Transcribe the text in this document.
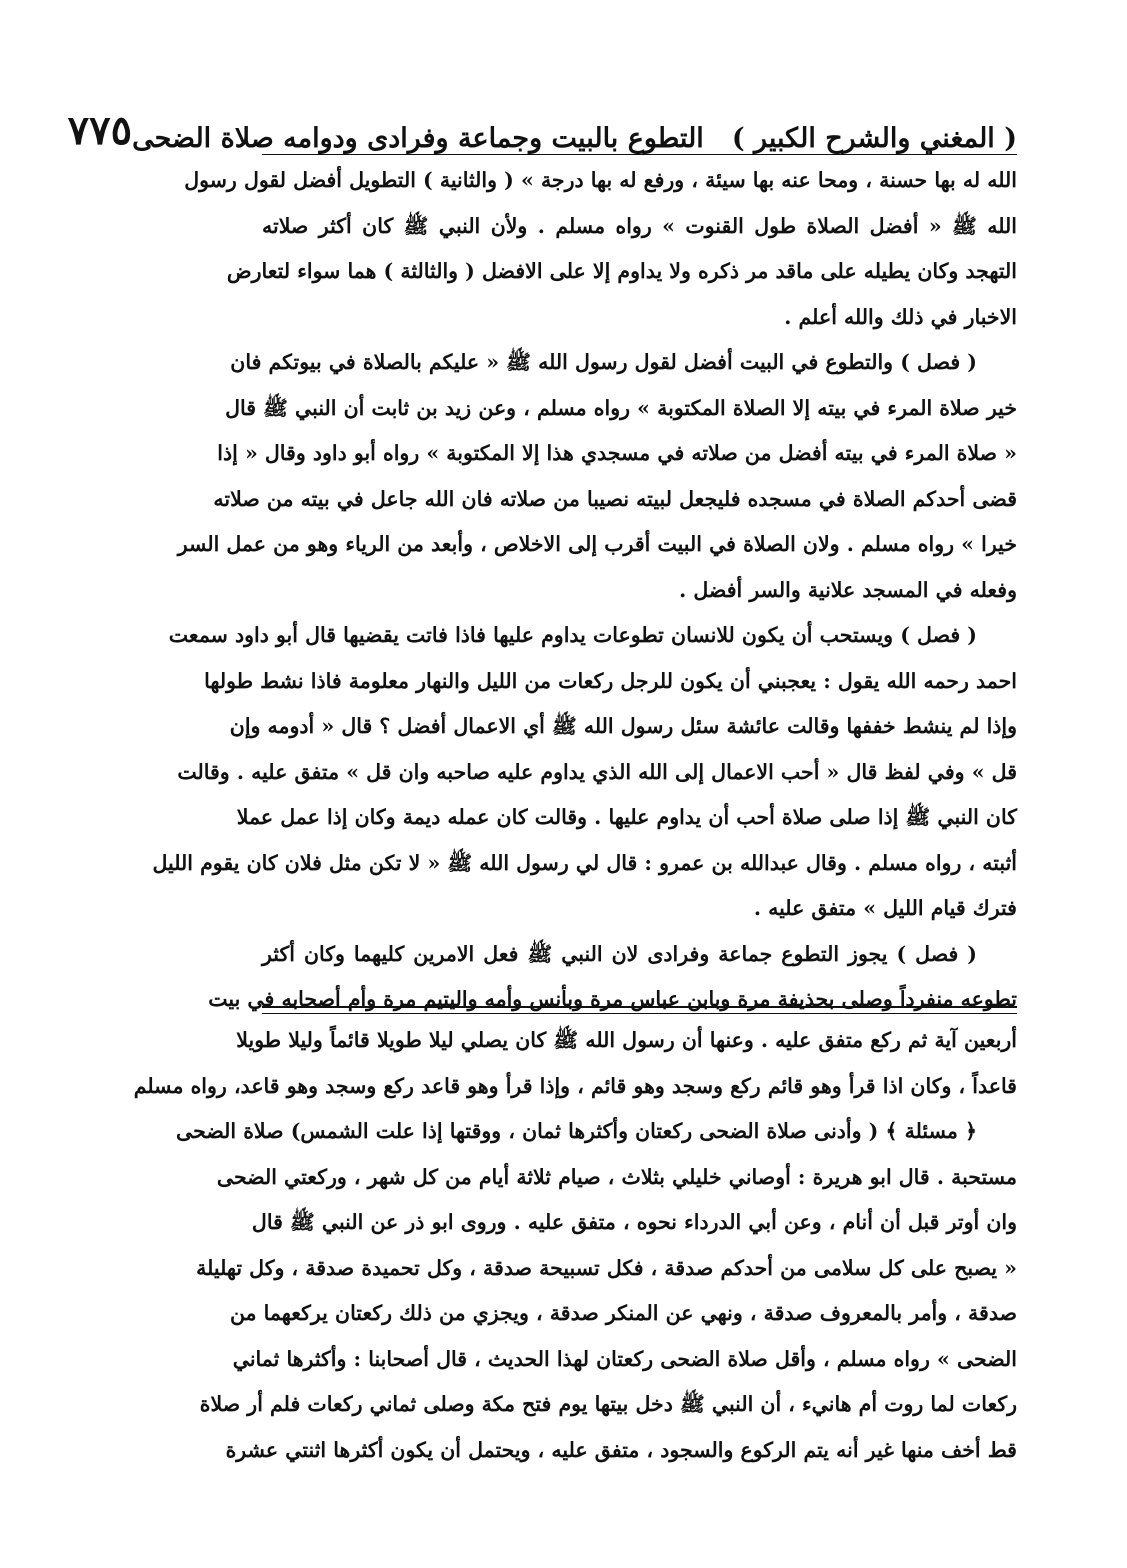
( المغني والشرح الكبير )
التطوع بالبيت وجماعة وفرادى ودوامه صلاة الضحى
٧٧٥
الله له بها حسنة ، ومحا عنه بها سيئة ، ورفع له بها درجة » ( والثانية ) التطويل أفضل لقول رسول
الله ﷺ « أفضل الصلاة طول القنوت » رواه مسلم . ولأن النبي ﷺ كان أكثر صلاته
التهجد وكان يطيله على ماقد مر ذكره ولا يداوم إلا على الافضل ( والثالثة ) هما سواء لتعارض
الاخبار في ذلك والله أعلم .
( فصل ) والتطوع في البيت أفضل لقول رسول الله ﷺ « عليكم بالصلاة في بيوتكم فان
خير صلاة المرء في بيته إلا الصلاة المكتوبة » رواه مسلم ، وعن زيد بن ثابت أن النبي ﷺ قال
« صلاة المرء في بيته أفضل من صلاته في مسجدي هذا إلا المكتوبة » رواه أبو داود وقال « إذا
قضى أحدكم الصلاة في مسجده فليجعل لبيته نصيبا من صلاته فان الله جاعل في بيته من صلاته
خيرا » رواه مسلم . ولان الصلاة في البيت أقرب إلى الاخلاص ، وأبعد من الرياء وهو من عمل السر
وفعله في المسجد علانية والسر أفضل .
( فصل ) ويستحب أن يكون للانسان تطوعات يداوم عليها فاذا فاتت يقضيها قال أبو داود سمعت
احمد رحمه الله يقول : يعجبني أن يكون للرجل ركعات من الليل والنهار معلومة فاذا نشط طولها
وإذا لم ينشط خففها وقالت عائشة سئل رسول الله ﷺ أي الاعمال أفضل ؟ قال « أدومه وإن
قل » وفي لفظ قال « أحب الاعمال إلى الله الذي يداوم عليه صاحبه وان قل » متفق عليه . وقالت
كان النبي ﷺ إذا صلى صلاة أحب أن يداوم عليها . وقالت كان عمله ديمة وكان إذا عمل عملا
أثبته ، رواه مسلم . وقال عبدالله بن عمرو : قال لي رسول الله ﷺ « لا تكن مثل فلان كان يقوم الليل
فترك قيام الليل » متفق عليه .
( فصل ) يجوز التطوع جماعة وفرادى لان النبي ﷺ فعل الامرين كليهما وكان أكثر
تطوعه منفرداً وصلى بحذيفة مرة وبابن عباس مرة وبأنس وأمه واليتيم مرة وأم أصحابه في بيت
أربعين آية ثم ركع متفق عليه . وعنها أن رسول الله ﷺ كان يصلي ليلا طويلا قائماً وليلا طويلا
قاعداً ، وكان اذا قرأ وهو قائم ركع وسجد وهو قائم ، وإذا قرأ وهو قاعد ركع وسجد وهو قاعد، رواه مسلم
﴿ مسئلة ﴾ ( وأدنى صلاة الضحى ركعتان وأكثرها ثمان ، ووقتها إذا علت الشمس) صلاة الضحى
مستحبة . قال ابو هريرة : أوصاني خليلي بثلاث ، صيام ثلاثة أيام من كل شهر ، وركعتي الضحى
وان أوتر قبل أن أنام ، وعن أبي الدرداء نحوه ، متفق عليه . وروى ابو ذر عن النبي ﷺ قال
« يصبح على كل سلامى من أحدكم صدقة ، فكل تسبيحة صدقة ، وكل تحميدة صدقة ، وكل تهليلة
صدقة ، وأمر بالمعروف صدقة ، ونهي عن المنكر صدقة ، ويجزي من ذلك ركعتان يركعهما من
الضحى » رواه مسلم ، وأقل صلاة الضحى ركعتان لهذا الحديث ، قال أصحابنا : وأكثرها ثماني
ركعات لما روت أم هانيء ، أن النبي ﷺ دخل بيتها يوم فتح مكة وصلى ثماني ركعات فلم أر صلاة
قط أخف منها غير أنه يتم الركوع والسجود ، متفق عليه ، ويحتمل أن يكون أكثرها اثنتي عشرة
